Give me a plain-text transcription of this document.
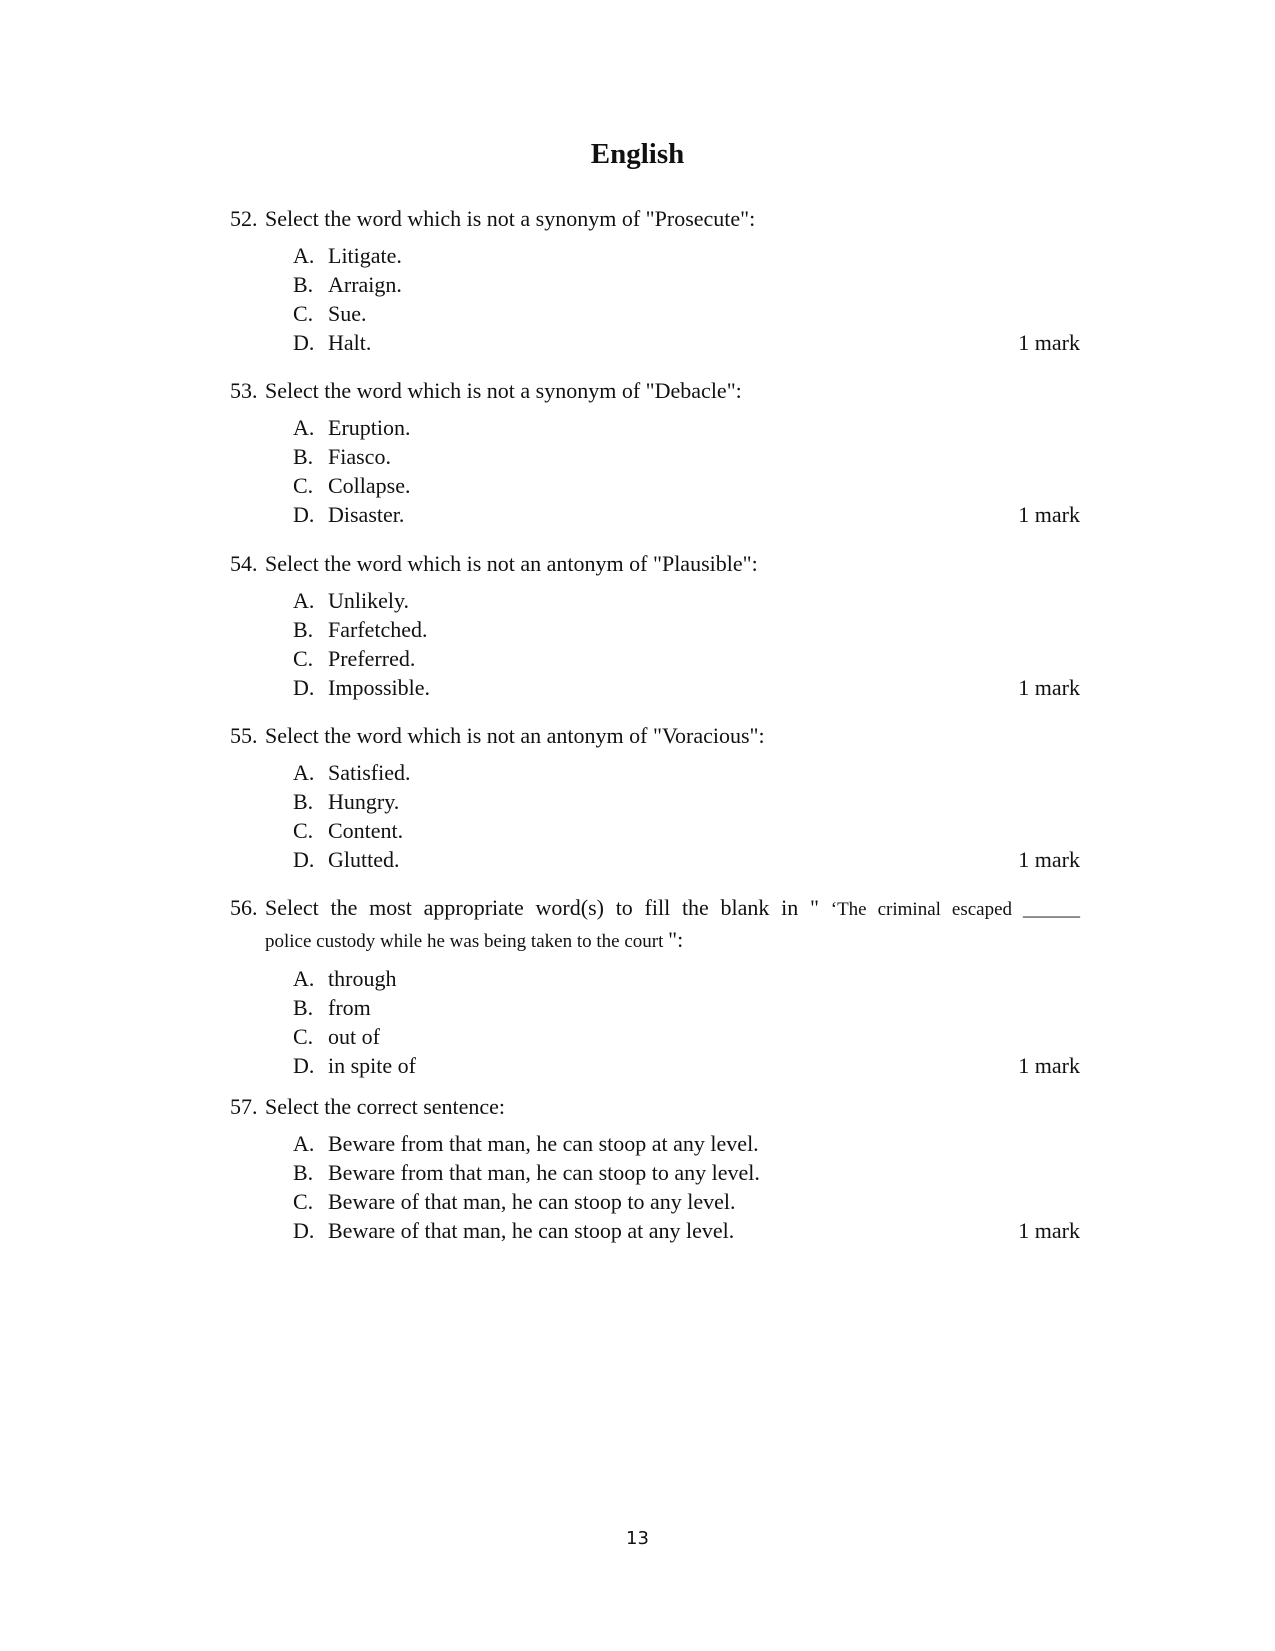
English
52. Select the word which is not a synonym of "Prosecute":
A. Litigate.
B. Arraign.
C. Sue.
D. Halt.	1 mark
53. Select the word which is not a synonym of "Debacle":
A. Eruption.
B. Fiasco.
C. Collapse.
D. Disaster.	1 mark
54. Select the word which is not an antonym of "Plausible":
A. Unlikely.
B. Farfetched.
C. Preferred.
D. Impossible.	1 mark
55. Select the word which is not an antonym of "Voracious":
A. Satisfied.
B. Hungry.
C. Content.
D. Glutted.	1 mark
56. Select the most appropriate word(s) to fill the blank in " ‘The criminal escaped ______
police custody while he was being taken to the court ":
A. through
B. from
C. out of
D. in spite of	1 mark
57. Select the correct sentence:
A. Beware from that man, he can stoop at any level.
B. Beware from that man, he can stoop to any level.
C. Beware of that man, he can stoop to any level.
D. Beware of that man, he can stoop at any level.	1 mark
13
